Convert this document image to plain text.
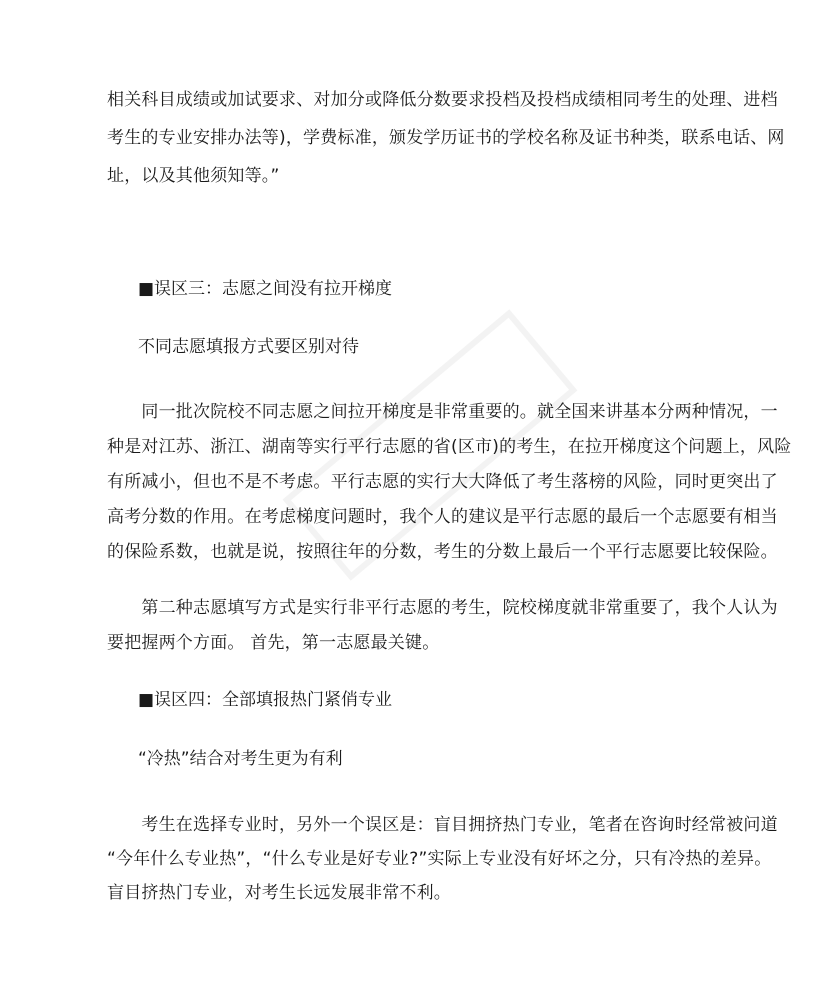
相关科目成绩或加试要求、对加分或降低分数要求投档及投档成绩相同考生的处理、进档
考生的专业安排办法等)，学费标准，颁发学历证书的学校名称及证书种类，联系电话、网
址，以及其他须知等。”
■误区三：志愿之间没有拉开梯度
不同志愿填报方式要区别对待
　　同一批次院校不同志愿之间拉开梯度是非常重要的。就全国来讲基本分两种情况，一
种是对江苏、浙江、湖南等实行平行志愿的省(区市)的考生，在拉开梯度这个问题上，风险
有所减小，但也不是不考虑。平行志愿的实行大大降低了考生落榜的风险，同时更突出了
高考分数的作用。在考虑梯度问题时，我个人的建议是平行志愿的最后一个志愿要有相当
的保险系数，也就是说，按照往年的分数，考生的分数上最后一个平行志愿要比较保险。
　　第二种志愿填写方式是实行非平行志愿的考生，院校梯度就非常重要了，我个人认为
要把握两个方面。 首先，第一志愿最关键。
■误区四：全部填报热门紧俏专业
“冷热”结合对考生更为有利
　　考生在选择专业时，另外一个误区是：盲目拥挤热门专业，笔者在咨询时经常被问道
“今年什么专业热”，“什么专业是好专业?”实际上专业没有好坏之分，只有冷热的差异。
盲目挤热门专业，对考生长远发展非常不利。
